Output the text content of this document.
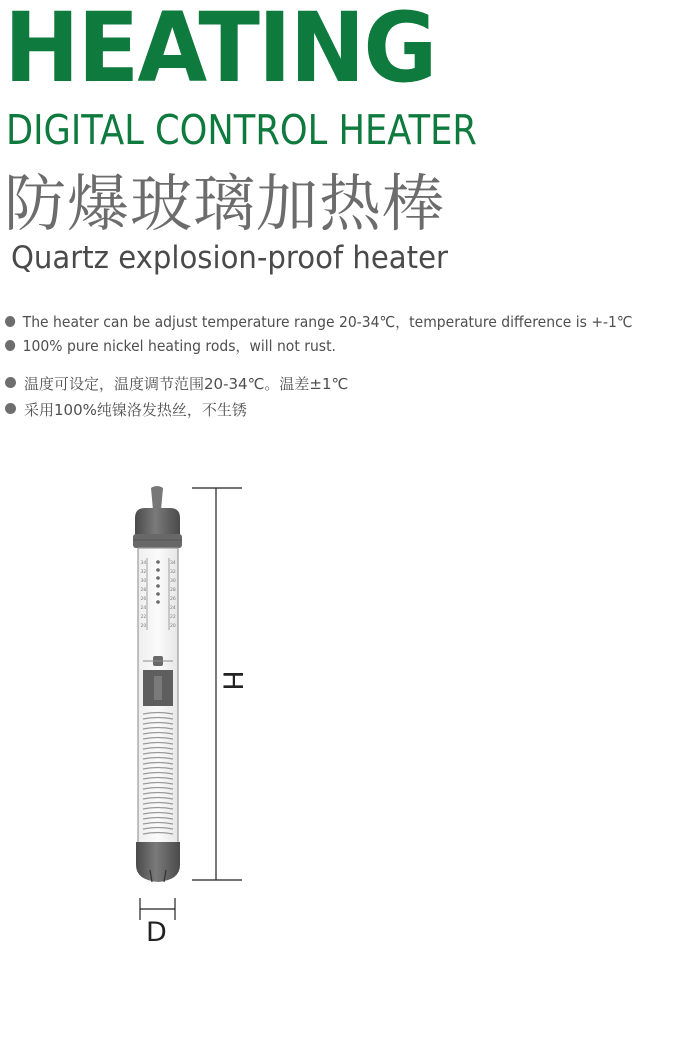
HEATING
DIGITAL CONTROL HEATER
防爆玻璃加热棒
Quartz explosion-proof heater
The heater can be adjust temperature range 20-34℃，temperature difference is +-1℃
100% pure nickel heating rods，will not rust.
温度可设定，温度调节范围20-34℃。温差±1℃
采用100%纯镍洛发热丝，不生锈
34	34
32	32
30	30
28	28
26	26
24	24
22	22
20	20
H
D
